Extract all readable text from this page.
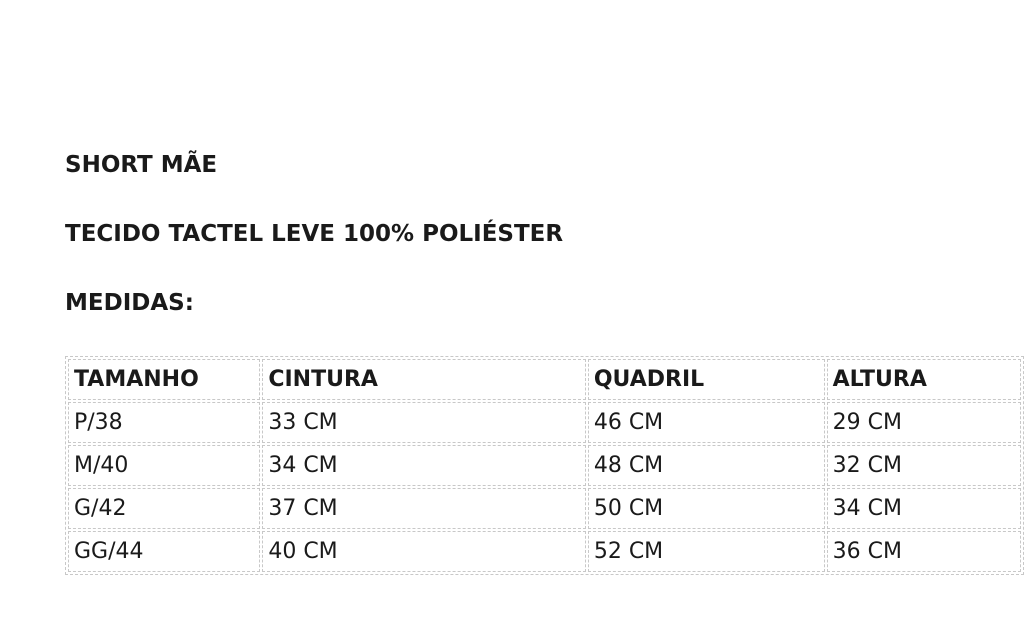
SHORT MÃE

TECIDO TACTEL LEVE 100% POLIÉSTER

MEDIDAS:

TAMANHO	CINTURA	QUADRIL	ALTURA
P/38	33 CM	46 CM	29 CM
M/40	34 CM	48 CM	32 CM
G/42	37 CM	50 CM	34 CM
GG/44	40 CM	52 CM	36 CM
